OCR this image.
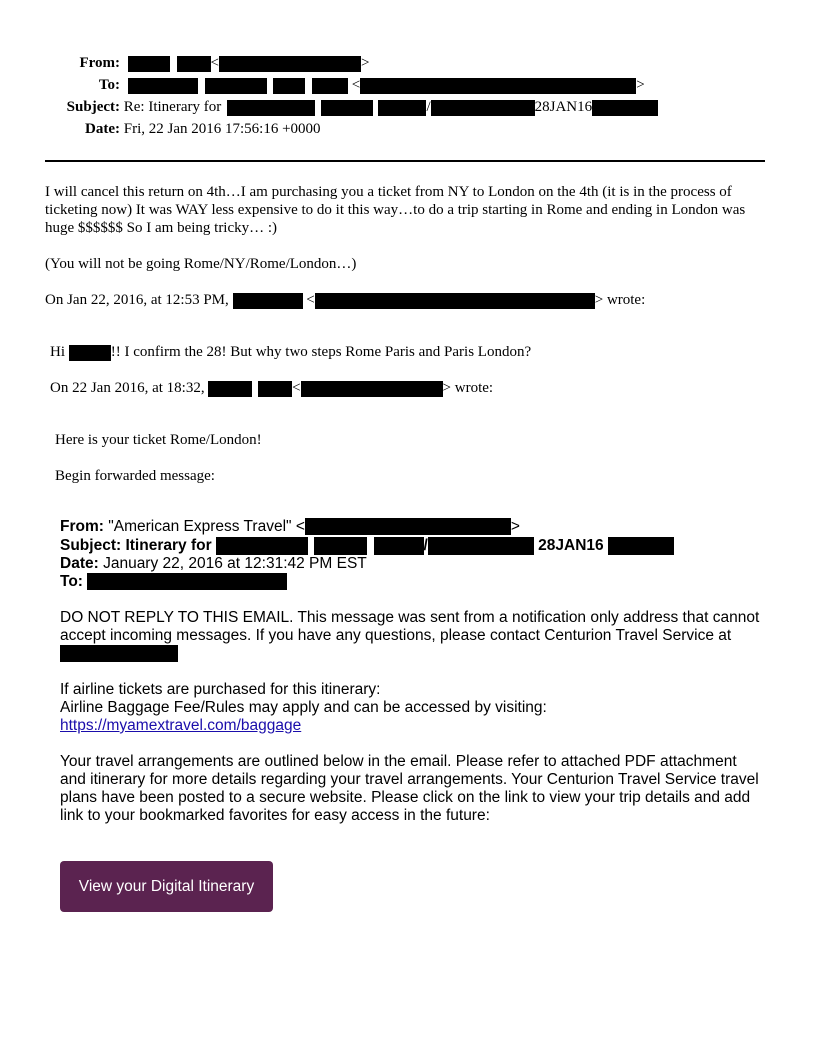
From:	<	>
To:	<	>
Subject: Re: Itinerary for	/	28JAN16
Date: Fri, 22 Jan 2016 17:56:16 +0000
I will cancel this return on 4th…I am purchasing you a ticket from NY to London on the 4th (it is in the process of ticketing now) It was WAY less expensive to do it this way…to do a trip starting in Rome and ending in London was huge $$$$$$ So I am being tricky… :)
(You will not be going Rome/NY/Rome/London…)
On Jan 22, 2016, at 12:53 PM,	<	> wrote:
Hi	!! I confirm the 28! But why two steps Rome Paris and Paris London?
On 22 Jan 2016, at 18:32,	<	> wrote:
Here is your ticket Rome/London!
Begin forwarded message:
From: "American Express Travel" <	>
Subject: Itinerary for	/	28JAN16
Date: January 22, 2016 at 12:31:42 PM EST
To:
DO NOT REPLY TO THIS EMAIL. This message was sent from a notification only address that cannot accept incoming messages. If you have any questions, please contact Centurion Travel Service at
If airline tickets are purchased for this itinerary:
Airline Baggage Fee/Rules may apply and can be accessed by visiting:
https://myamextravel.com/baggage
Your travel arrangements are outlined below in the email. Please refer to attached PDF attachment and itinerary for more details regarding your travel arrangements. Your Centurion Travel Service travel plans have been posted to a secure website. Please click on the link to view your trip details and add link to your bookmarked favorites for easy access in the future:
View your Digital Itinerary
